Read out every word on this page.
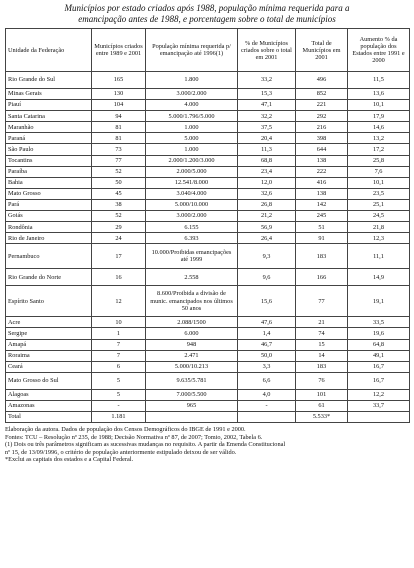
Municípios por estado criados após 1988, população mínima requerida para a
emancipação antes de 1988, e porcentagem sobre o total de municípios
Unidade da Federação	Municípios criados entre 1989 e 2001	População mínima requerida p/ emancipação até 1996(1)	% de Municípios criados sobre o total em 2001	Total de Municípios em 2001	Aumento % da população dos Estados entre 1991 e 2000
Rio Grande do Sul	165	1.800	33,2	496	11,5
Minas Gerais	130	3.000/2.000	15,3	852	13,6
Piauí	104	4.000	47,1	221	10,1
Santa Catarina	94	5.000/1.796/5.000	32,2	292	17,9
Maranhão	81	1.000	37,5	216	14,6
Paraná	81	5.000	20,4	398	13,2
São Paulo	73	1.000	11,3	644	17,2
Tocantins	77	2.000/1.200/3.000	68,8	138	25,8
Paraíba	52	2.000/5.000	23,4	222	7,6
Bahia	50	12.541/8.000	12,0	416	10,1
Mato Grosso	45	3.040/4.000	32,6	138	23,5
Pará	38	5.000/10.000	26,8	142	25,1
Goiás	52	3.000/2.000	21,2	245	24,5
Rondônia	29	6.155	56,9	51	21,8
Rio de Janeiro	24	6.393	26,4	91	12,3
Pernambuco	17	10.000/Proibidas emancipações até 1999	9,3	183	11,1
Rio Grande do Norte	16	2.558	9,6	166	14,9
Espírito Santo	12	8.600/Proibida a divisão de munic. emancipados nos últimos 50 anos	15,6	77	19,1
Acre	10	2.088/1500	47,6	21	33,5
Sergipe	1	6.000	1,4	74	19,6
Amapá	7	948	46,7	15	64,8
Roraima	7	2.471	50,0	14	49,1
Ceará	6	5.000/10.213	3,3	183	16,7
Mato Grosso do Sul	5	9.635/5.781	6,6	76	16,7
Alagoas	5	7.000/5.500	4,0	101	12,2
Amazonas	-	965	-	61	33,7
Total	1.181			5.533*	
Elaboração da autora. Dados de população dos Censos Demográficos do IBGE de 1991 e 2000.
Fontes: TCU – Resolução nº 235, de 1988; Decisão Normativa nº 87, de 2007; Tomio, 2002, Tabela 6.
(1) Dois ou três parâmetros significam as sucessivas mudanças no requisito. A partir da Emenda Constitucional
nº 15, de 13/09/1996, o critério de população anteriormente estipulado deixou de ser válido.
*Exclui as capitais dos estados e a Capital Federal.
